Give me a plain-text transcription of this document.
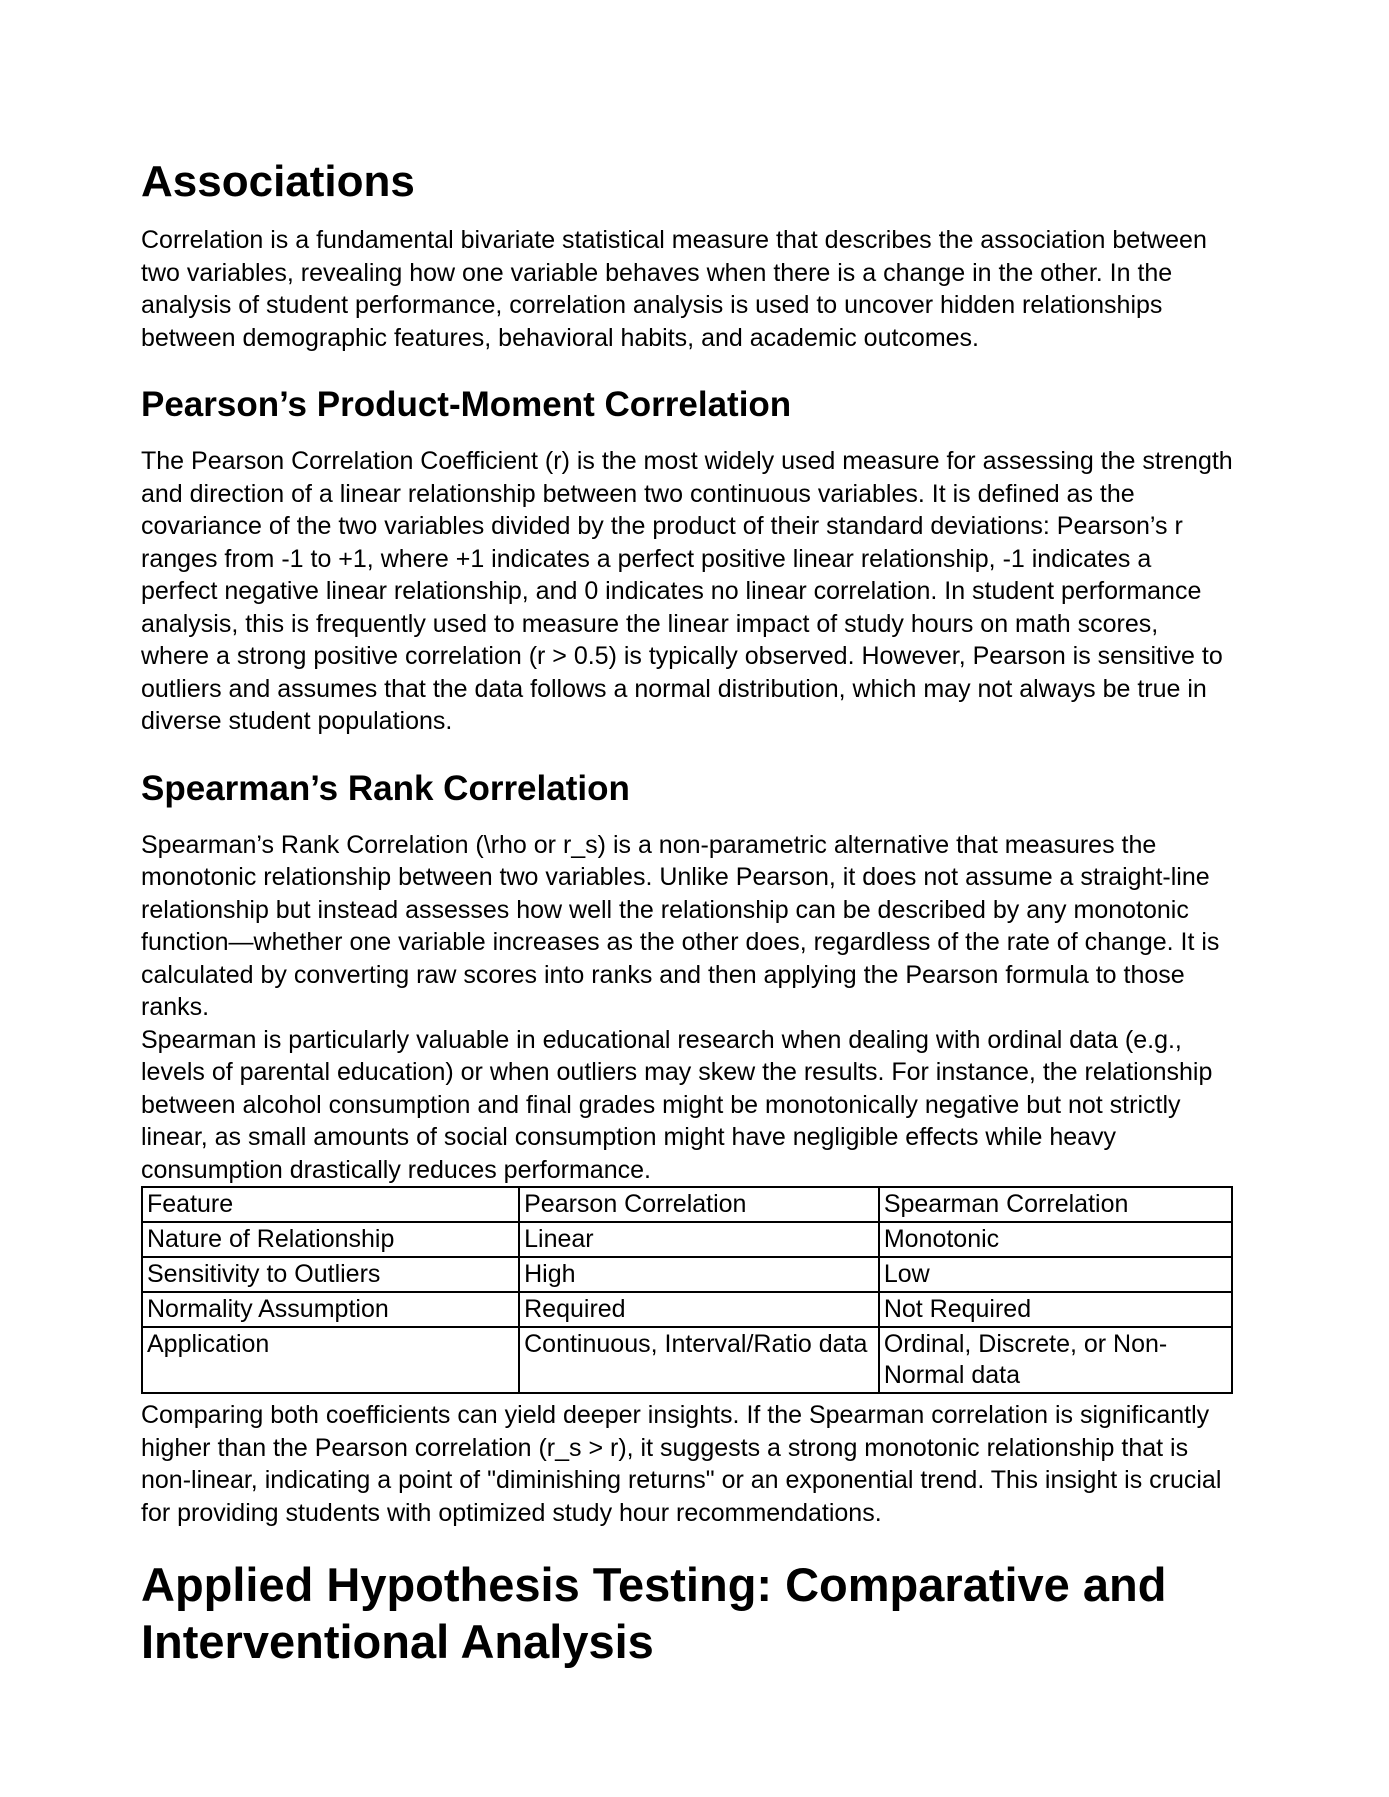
Associations

Correlation is a fundamental bivariate statistical measure that describes the association between two variables, revealing how one variable behaves when there is a change in the other. In the analysis of student performance, correlation analysis is used to uncover hidden relationships between demographic features, behavioral habits, and academic outcomes.

Pearson’s Product-Moment Correlation

The Pearson Correlation Coefficient (r) is the most widely used measure for assessing the strength and direction of a linear relationship between two continuous variables. It is defined as the covariance of the two variables divided by the product of their standard deviations: Pearson’s r ranges from -1 to +1, where +1 indicates a perfect positive linear relationship, -1 indicates a perfect negative linear relationship, and 0 indicates no linear correlation. In student performance analysis, this is frequently used to measure the linear impact of study hours on math scores, where a strong positive correlation (r > 0.5) is typically observed. However, Pearson is sensitive to outliers and assumes that the data follows a normal distribution, which may not always be true in diverse student populations.

Spearman’s Rank Correlation

Spearman’s Rank Correlation (\rho or r_s) is a non-parametric alternative that measures the monotonic relationship between two variables. Unlike Pearson, it does not assume a straight-line relationship but instead assesses how well the relationship can be described by any monotonic function—whether one variable increases as the other does, regardless of the rate of change. It is calculated by converting raw scores into ranks and then applying the Pearson formula to those ranks.

Spearman is particularly valuable in educational research when dealing with ordinal data (e.g., levels of parental education) or when outliers may skew the results. For instance, the relationship between alcohol consumption and final grades might be monotonically negative but not strictly linear, as small amounts of social consumption might have negligible effects while heavy consumption drastically reduces performance.

Feature	Pearson Correlation	Spearman Correlation
Nature of Relationship	Linear	Monotonic
Sensitivity to Outliers	High	Low
Normality Assumption	Required	Not Required
Application	Continuous, Interval/Ratio data	Ordinal, Discrete, or Non-Normal data

Comparing both coefficients can yield deeper insights. If the Spearman correlation is significantly higher than the Pearson correlation (r_s > r), it suggests a strong monotonic relationship that is non-linear, indicating a point of "diminishing returns" or an exponential trend. This insight is crucial for providing students with optimized study hour recommendations.

Applied Hypothesis Testing: Comparative and Interventional Analysis
